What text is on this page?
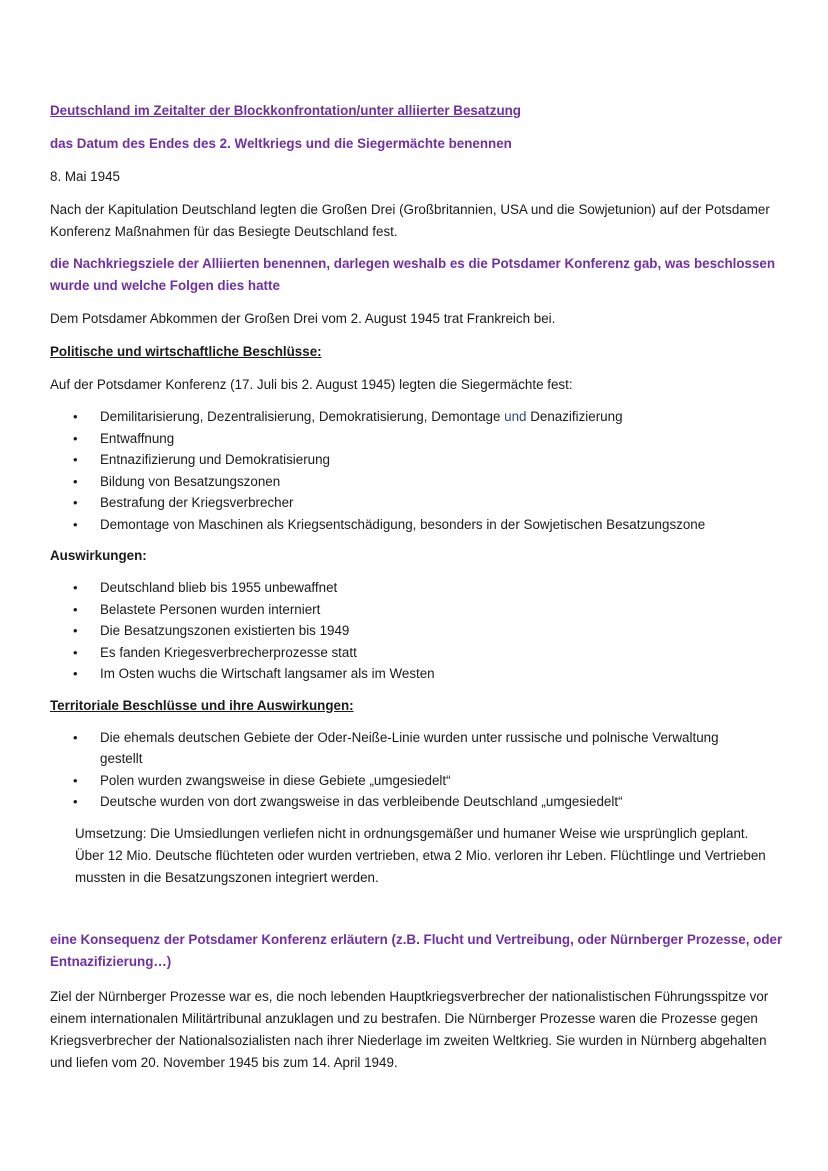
Deutschland im Zeitalter der Blockkonfrontation/unter alliierter Besatzung

das Datum des Endes des 2. Weltkriegs und die Siegermächte benennen

8. Mai 1945

Nach der Kapitulation Deutschland legten die Großen Drei (Großbritannien, USA und die Sowjetunion) auf der Potsdamer Konferenz Maßnahmen für das Besiegte Deutschland fest.

die Nachkriegsziele der Alliierten benennen, darlegen weshalb es die Potsdamer Konferenz gab, was beschlossen wurde und welche Folgen dies hatte

Dem Potsdamer Abkommen der Großen Drei vom 2. August 1945 trat Frankreich bei.

Politische und wirtschaftliche Beschlüsse:

Auf der Potsdamer Konferenz (17. Juli bis 2. August 1945) legten die Siegermächte fest:

• Demilitarisierung, Dezentralisierung, Demokratisierung, Demontage und Denazifizierung
• Entwaffnung
• Entnazifizierung und Demokratisierung
• Bildung von Besatzungszonen
• Bestrafung der Kriegsverbrecher
• Demontage von Maschinen als Kriegsentschädigung, besonders in der Sowjetischen Besatzungszone

Auswirkungen:

• Deutschland blieb bis 1955 unbewaffnet
• Belastete Personen wurden interniert
• Die Besatzungszonen existierten bis 1949
• Es fanden Kriegesverbrecherprozesse statt
• Im Osten wuchs die Wirtschaft langsamer als im Westen

Territoriale Beschlüsse und ihre Auswirkungen:

• Die ehemals deutschen Gebiete der Oder-Neiße-Linie wurden unter russische und polnische Verwaltung gestellt
• Polen wurden zwangsweise in diese Gebiete „umgesiedelt“
• Deutsche wurden von dort zwangsweise in das verbleibende Deutschland „umgesiedelt“

Umsetzung: Die Umsiedlungen verliefen nicht in ordnungsgemäßer und humaner Weise wie ursprünglich geplant. Über 12 Mio. Deutsche flüchteten oder wurden vertrieben, etwa 2 Mio. verloren ihr Leben. Flüchtlinge und Vertrieben mussten in die Besatzungszonen integriert werden.

eine Konsequenz der Potsdamer Konferenz erläutern (z.B. Flucht und Vertreibung, oder Nürnberger Prozesse, oder Entnazifizierung…)

Ziel der Nürnberger Prozesse war es, die noch lebenden Hauptkriegsverbrecher der nationalistischen Führungsspitze vor einem internationalen Militärtribunal anzuklagen und zu bestrafen. Die Nürnberger Prozesse waren die Prozesse gegen Kriegsverbrecher der Nationalsozialisten nach ihrer Niederlage im zweiten Weltkrieg. Sie wurden in Nürnberg abgehalten und liefen vom 20. November 1945 bis zum 14. April 1949.
